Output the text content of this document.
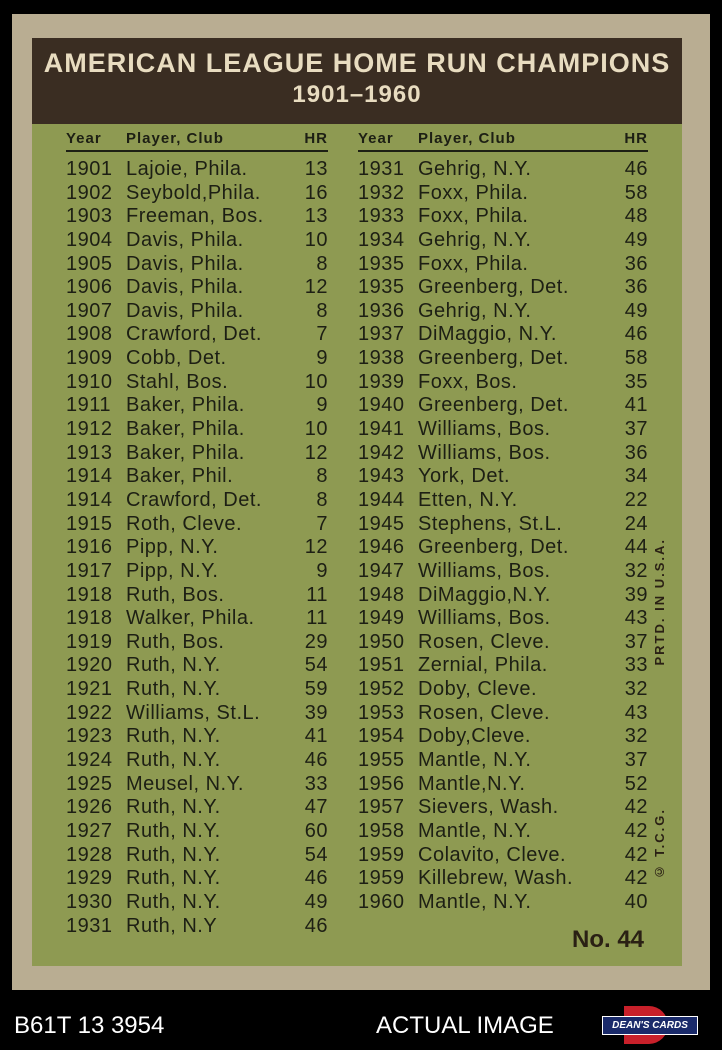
AMERICAN LEAGUE HOME RUN CHAMPIONS
1901–1960
Year	Player, Club	HR
1901 Lajoie, Phila.	13
1902 Seybold,Phila.	16
1903 Freeman, Bos.	13
1904 Davis, Phila.	10
1905 Davis, Phila.	8
1906 Davis, Phila.	12
1907 Davis, Phila.	8
1908 Crawford, Det.	7
1909 Cobb, Det.	9
1910 Stahl, Bos.	10
1911 Baker, Phila.	9
1912 Baker, Phila.	10
1913 Baker, Phila.	12
1914 Baker, Phil.	8
1914 Crawford, Det.	8
1915 Roth, Cleve.	7
1916 Pipp, N.Y.	12
1917 Pipp, N.Y.	9
1918 Ruth, Bos.	11
1918 Walker, Phila.	11
1919 Ruth, Bos.	29
1920 Ruth, N.Y.	54
1921 Ruth, N.Y.	59
1922 Williams, St.L.	39
1923 Ruth, N.Y.	41
1924 Ruth, N.Y.	46
1925 Meusel, N.Y.	33
1926 Ruth, N.Y.	47
1927 Ruth, N.Y.	60
1928 Ruth, N.Y.	54
1929 Ruth, N.Y.	46
1930 Ruth, N.Y.	49
1931 Ruth, N.Y	46
Year	Player, Club	HR
1931 Gehrig, N.Y.	46
1932 Foxx, Phila.	58
1933 Foxx, Phila.	48
1934 Gehrig, N.Y.	49
1935 Foxx, Phila.	36
1935 Greenberg, Det.	36
1936 Gehrig, N.Y.	49
1937 DiMaggio, N.Y.	46
1938 Greenberg, Det.	58
1939 Foxx, Bos.	35
1940 Greenberg, Det.	41
1941 Williams, Bos.	37
1942 Williams, Bos.	36
1943 York, Det.	34
1944 Etten, N.Y.	22
1945 Stephens, St.L.	24
1946 Greenberg, Det.	44
1947 Williams, Bos.	32
1948 DiMaggio,N.Y.	39
1949 Williams, Bos.	43
1950 Rosen, Cleve.	37
1951 Zernial, Phila.	33
1952 Doby, Cleve.	32
1953 Rosen, Cleve.	43
1954 Doby,Cleve.	32
1955 Mantle, N.Y.	37
1956 Mantle,N.Y.	52
1957 Sievers, Wash.	42
1958 Mantle, N.Y.	42
1959 Colavito, Cleve.	42
1959 Killebrew, Wash.	42
1960 Mantle, N.Y.	40
PRTD. IN U.S.A.
© T.C.G.
No. 44
B61T 13 3954	ACTUAL IMAGE	DEAN'S CARDS
